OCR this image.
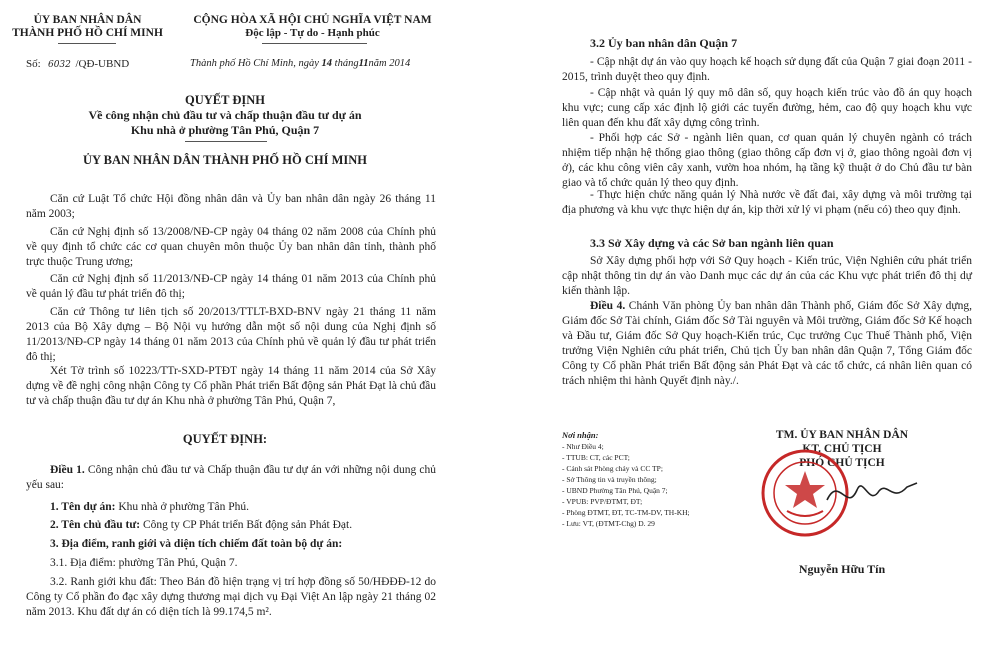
ỦY BAN NHÂN DÂN
THÀNH PHỐ HỒ CHÍ MINH
CỘNG HÒA XÃ HỘI CHỦ NGHĨA VIỆT NAM
Độc lập - Tự do - Hạnh phúc
Số: 6032 /QĐ-UBND	Thành phố Hồ Chí Minh, ngày 14 tháng11năm 2014
QUYẾT ĐỊNH
Về công nhận chủ đầu tư và chấp thuận đầu tư dự án
Khu nhà ở phường Tân Phú, Quận 7
ỦY BAN NHÂN DÂN THÀNH PHỐ HỒ CHÍ MINH
Căn cứ Luật Tổ chức Hội đồng nhân dân và Ủy ban nhân dân ngày 26 tháng 11 năm 2003;
Căn cứ Nghị định số 13/2008/NĐ-CP ngày 04 tháng 02 năm 2008 của Chính phủ về quy định tổ chức các cơ quan chuyên môn thuộc Ủy ban nhân dân tỉnh, thành phố trực thuộc Trung ương;
Căn cứ Nghị định số 11/2013/NĐ-CP ngày 14 tháng 01 năm 2013 của Chính phủ về quản lý đầu tư phát triển đô thị;
Căn cứ Thông tư liên tịch số 20/2013/TTLT-BXD-BNV ngày 21 tháng 11 năm 2013 của Bộ Xây dựng – Bộ Nội vụ hướng dẫn một số nội dung của Nghị định số 11/2013/NĐ-CP ngày 14 tháng 01 năm 2013 của Chính phủ về quản lý đầu tư phát triển đô thị;
Xét Tờ trình số 10223/TTr-SXD-PTĐT ngày 14 tháng 11 năm 2014 của Sở Xây dựng về đề nghị công nhận Công ty Cổ phần Phát triển Bất động sản Phát Đạt là chủ đầu tư và chấp thuận đầu tư dự án Khu nhà ở phường Tân Phú, Quận 7,
QUYẾT ĐỊNH:
Điều 1. Công nhận chủ đầu tư và Chấp thuận đầu tư dự án với những nội dung chủ yếu sau:
1. Tên dự án: Khu nhà ở phường Tân Phú.
2. Tên chủ đầu tư: Công ty CP Phát triển Bất động sản Phát Đạt.
3. Địa điểm, ranh giới và diện tích chiếm đất toàn bộ dự án:
3.1. Địa điểm: phường Tân Phú, Quận 7.
3.2. Ranh giới khu đất: Theo Bản đồ hiện trạng vị trí hợp đồng số 50/HĐĐĐ-12 do Công ty Cổ phần đo đạc xây dựng thương mại dịch vụ Đại Việt An lập ngày 21 tháng 02 năm 2013. Khu đất dự án có diện tích là 99.174,5 m².
3.2 Ủy ban nhân dân Quận 7
- Cập nhật dự án vào quy hoạch kế hoạch sử dụng đất của Quận 7 giai đoạn 2011 - 2015, trình duyệt theo quy định.
- Cập nhật và quản lý quy mô dân số, quy hoạch kiến trúc vào đồ án quy hoạch khu vực; cung cấp xác định lộ giới các tuyến đường, hẻm, cao độ quy hoạch khu vực liên quan đến khu đất xây dựng công trình.
- Phối hợp các Sở - ngành liên quan, cơ quan quản lý chuyên ngành có trách nhiệm tiếp nhận hệ thống giao thông (giao thông cấp đơn vị ở, giao thông ngoài đơn vị ở), các khu công viên cây xanh, vườn hoa nhóm, hạ tầng kỹ thuật ở do Chủ đầu tư bàn giao và tổ chức quản lý theo quy định.
- Thực hiện chức năng quản lý Nhà nước về đất đai, xây dựng và môi trường tại địa phương và khu vực thực hiện dự án, kịp thời xử lý vi phạm (nếu có) theo quy định.
3.3 Sở Xây dựng và các Sở ban ngành liên quan
Sở Xây dựng phối hợp với Sở Quy hoạch - Kiến trúc, Viện Nghiên cứu phát triển cập nhật thông tin dự án vào Danh mục các dự án của các Khu vực phát triển đô thị dự kiến thành lập.
Điều 4. Chánh Văn phòng Ủy ban nhân dân Thành phố, Giám đốc Sở Xây dựng, Giám đốc Sở Tài chính, Giám đốc Sở Tài nguyên và Môi trường, Giám đốc Sở Kế hoạch và Đầu tư, Giám đốc Sở Quy hoạch-Kiến trúc, Cục trưởng Cục Thuế Thành phố, Viện trưởng Viện Nghiên cứu phát triển, Chủ tịch Ủy ban nhân dân Quận 7, Tổng Giám đốc Công ty Cổ phần Phát triển Bất động sản Phát Đạt và các tổ chức, cá nhân liên quan có trách nhiệm thi hành Quyết định này./.
Nơi nhận:
- Như Điều 4;
- TTUB: CT, các PCT;
- Cảnh sát Phòng cháy và CC TP;
- Sở Thông tin và truyền thông;
- UBND Phường Tân Phú, Quận 7;
- VPUB: PVP/ĐTMT, ĐT;
- Phòng ĐTMT, ĐT, TC-TM-DV, TH-KH;
- Lưu: VT, (ĐTMT-Chg) D. 29
TM. ỦY BAN NHÂN DÂN
KT. CHỦ TỊCH
PHÓ CHỦ TỊCH
Nguyễn Hữu Tín
